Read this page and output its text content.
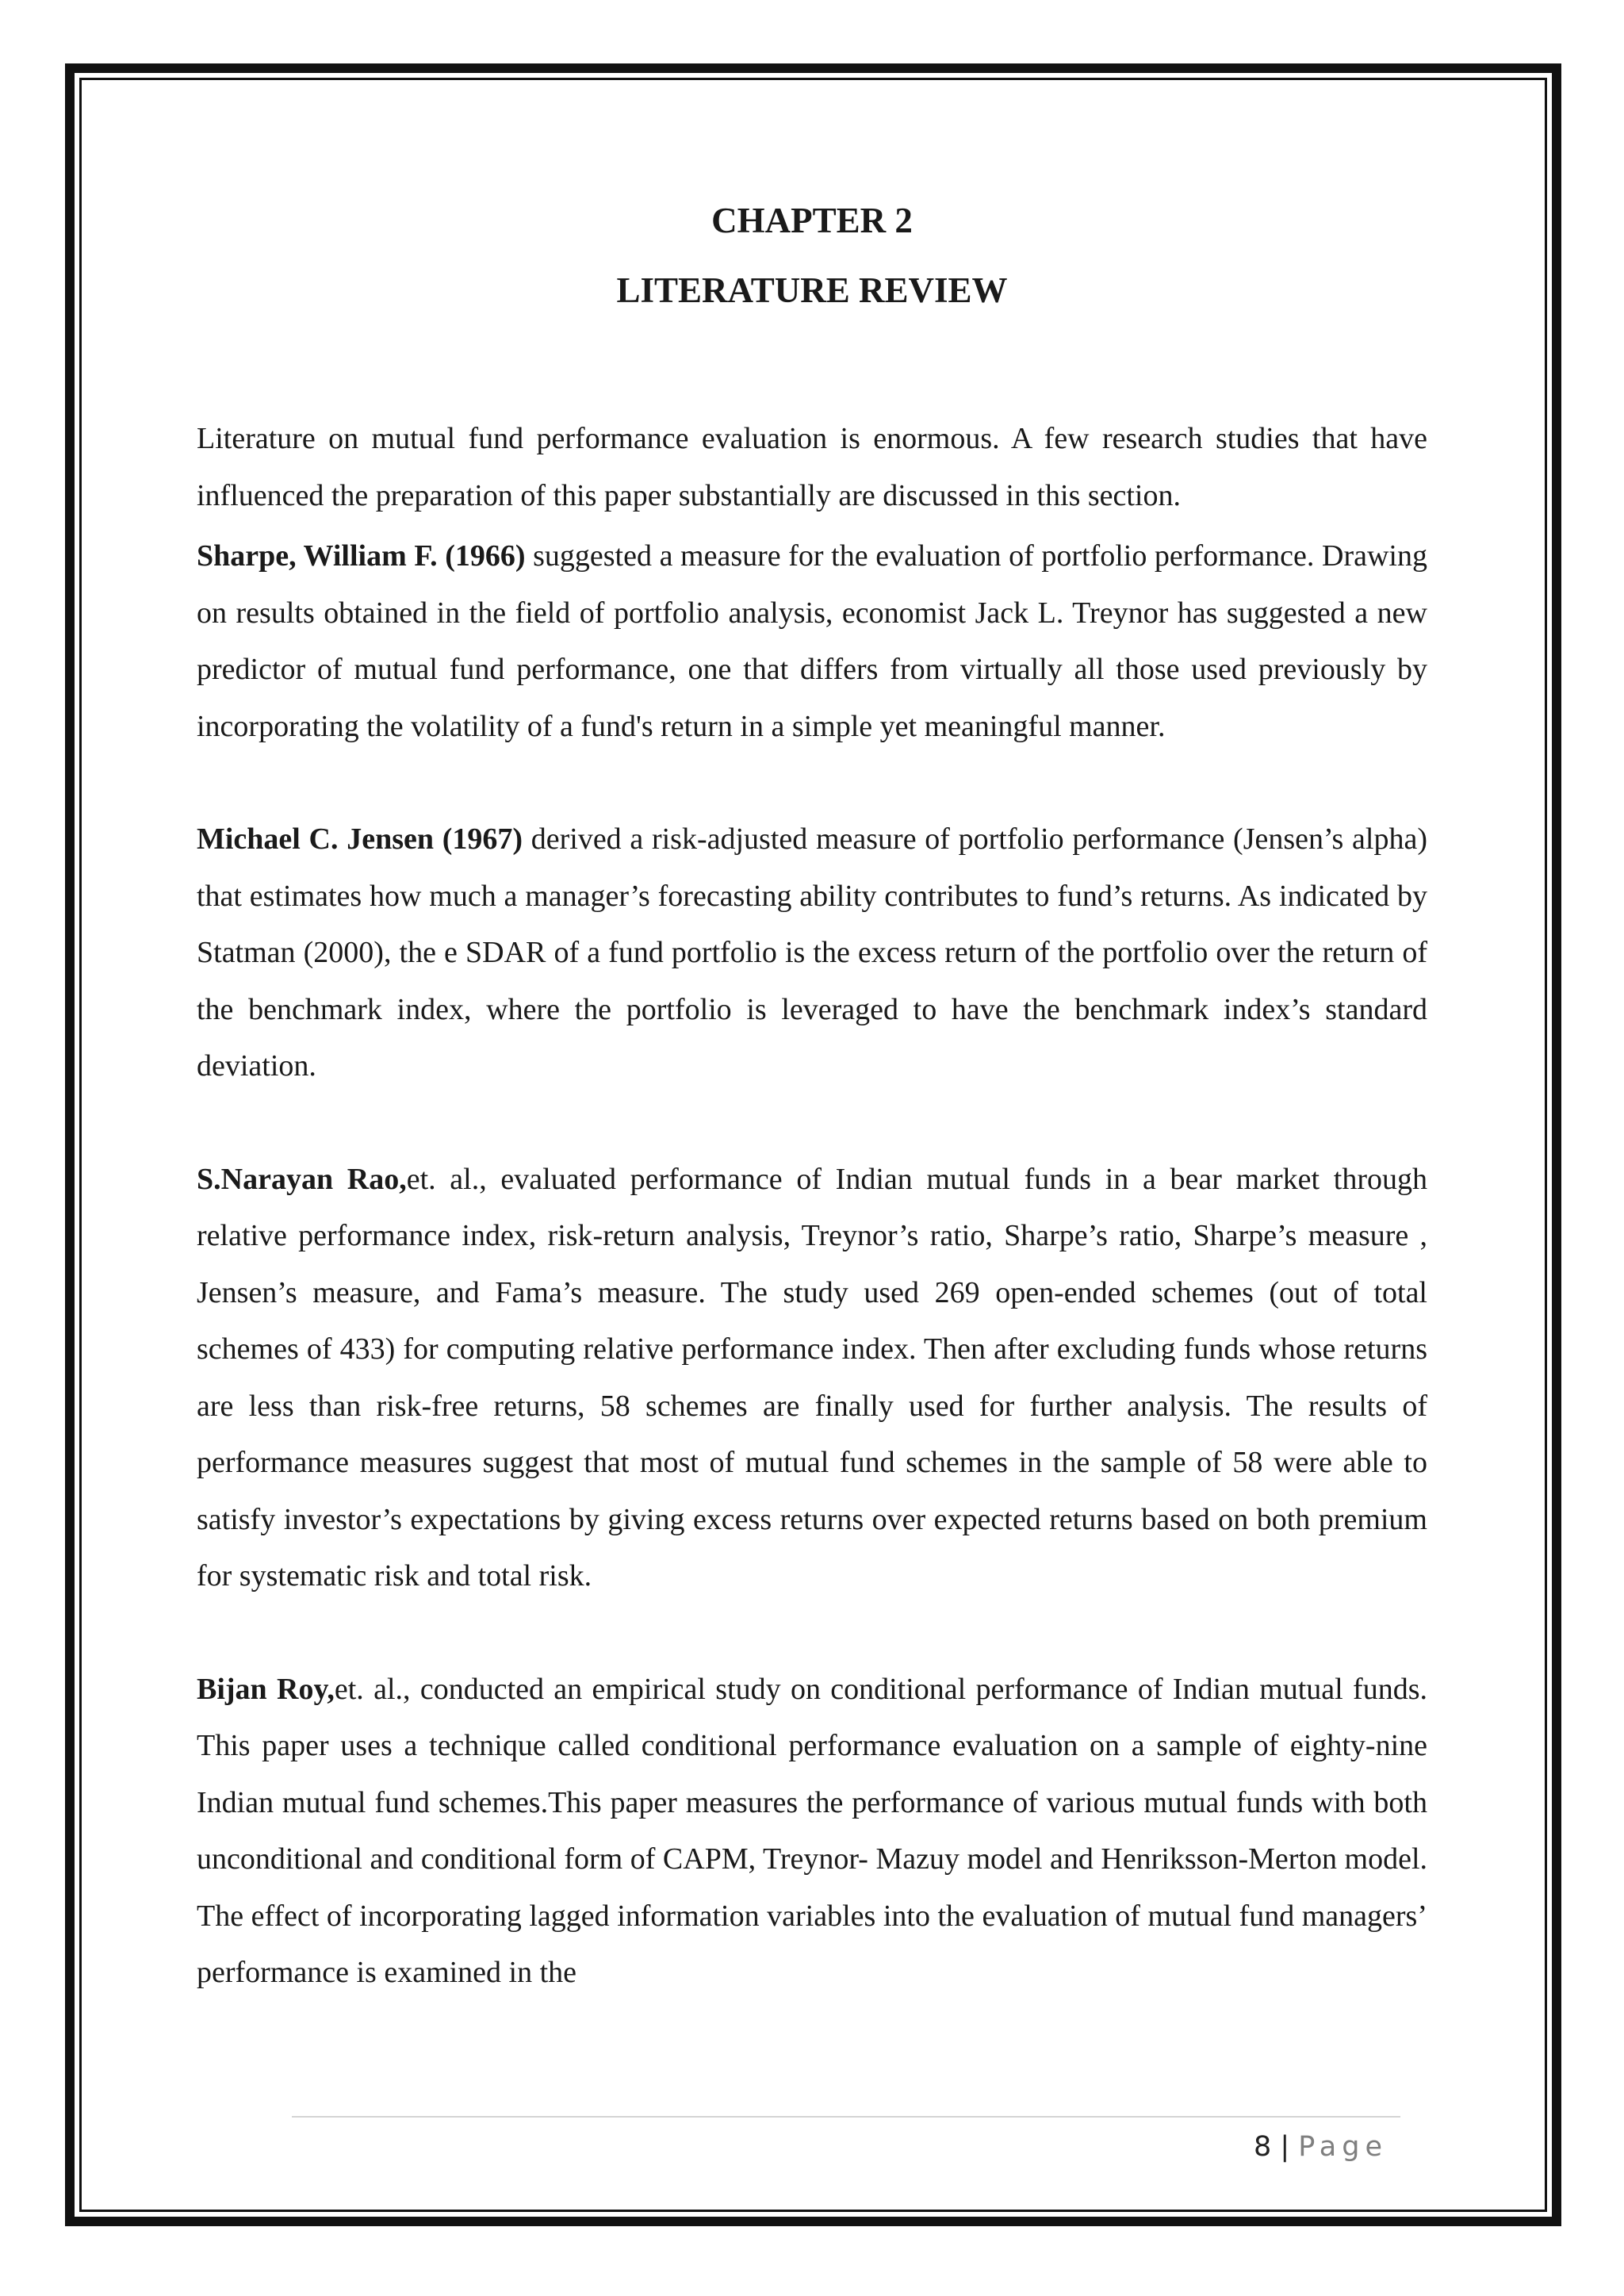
CHAPTER 2
LITERATURE REVIEW

Literature on mutual fund performance evaluation is enormous. A few research studies that have influenced the preparation of this paper substantially are discussed in this section.

Sharpe, William F. (1966) suggested a measure for the evaluation of portfolio performance. Drawing on results obtained in the field of portfolio analysis, economist Jack L. Treynor has suggested a new predictor of mutual fund performance, one that differs from virtually all those used previously by incorporating the volatility of a fund's return in a simple yet meaningful manner.

Michael C. Jensen (1967) derived a risk-adjusted measure of portfolio performance (Jensen’s alpha) that estimates how much a manager’s forecasting ability contributes to fund’s returns. As indicated by Statman (2000), the e SDAR of a fund portfolio is the excess return of the portfolio over the return of the benchmark index, where the portfolio is leveraged to have the benchmark index’s standard deviation.

S.Narayan Rao,et. al., evaluated performance of Indian mutual funds in a bear market through relative performance index, risk-return analysis, Treynor’s ratio, Sharpe’s ratio, Sharpe’s measure , Jensen’s measure, and Fama’s measure. The study used 269 open-ended schemes (out of total schemes of 433) for computing relative performance index. Then after excluding funds whose returns are less than risk-free returns, 58 schemes are finally used for further analysis. The results of performance measures suggest that most of mutual fund schemes in the sample of 58 were able to satisfy investor’s expectations by giving excess returns over expected returns based on both premium for systematic risk and total risk.

Bijan Roy,et. al., conducted an empirical study on conditional performance of Indian mutual funds. This paper uses a technique called conditional performance evaluation on a sample of eighty-nine Indian mutual fund schemes.This paper measures the performance of various mutual funds with both unconditional and conditional form of CAPM, Treynor- Mazuy model and Henriksson-Merton model. The effect of incorporating lagged information variables into the evaluation of mutual fund managers’ performance is examined in the

8 | Page
